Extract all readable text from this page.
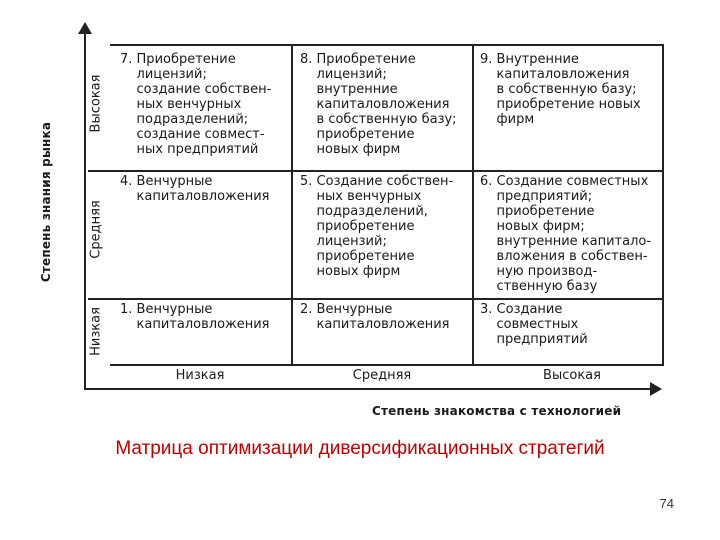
Степень знания рынка
Высокая
Средняя
Низкая
7. Приобретение
лицензий;
создание собствен-
ных венчурных
подразделений;
создание совмест-
ных предприятий
8. Приобретение
лицензий;
внутренние
капиталовложения
в собственную базу;
приобретение
новых фирм
9. Внутренние
капиталовложения
в собственную базу;
приобретение новых
фирм
4. Венчурные
капиталовложения
5. Создание собствен-
ных венчурных
подразделений,
приобретение
лицензий;
приобретение
новых фирм
6. Создание совместных
предприятий;
приобретение
новых фирм;
внутренние капитало-
вложения в собствен-
ную производ-
ственную базу
1. Венчурные
капиталовложения
2. Венчурные
капиталовложения
3. Создание
совместных
предприятий
Низкая	Средняя	Высокая
Степень знакомства с технологией
Матрица оптимизации диверсификационных стратегий
74
